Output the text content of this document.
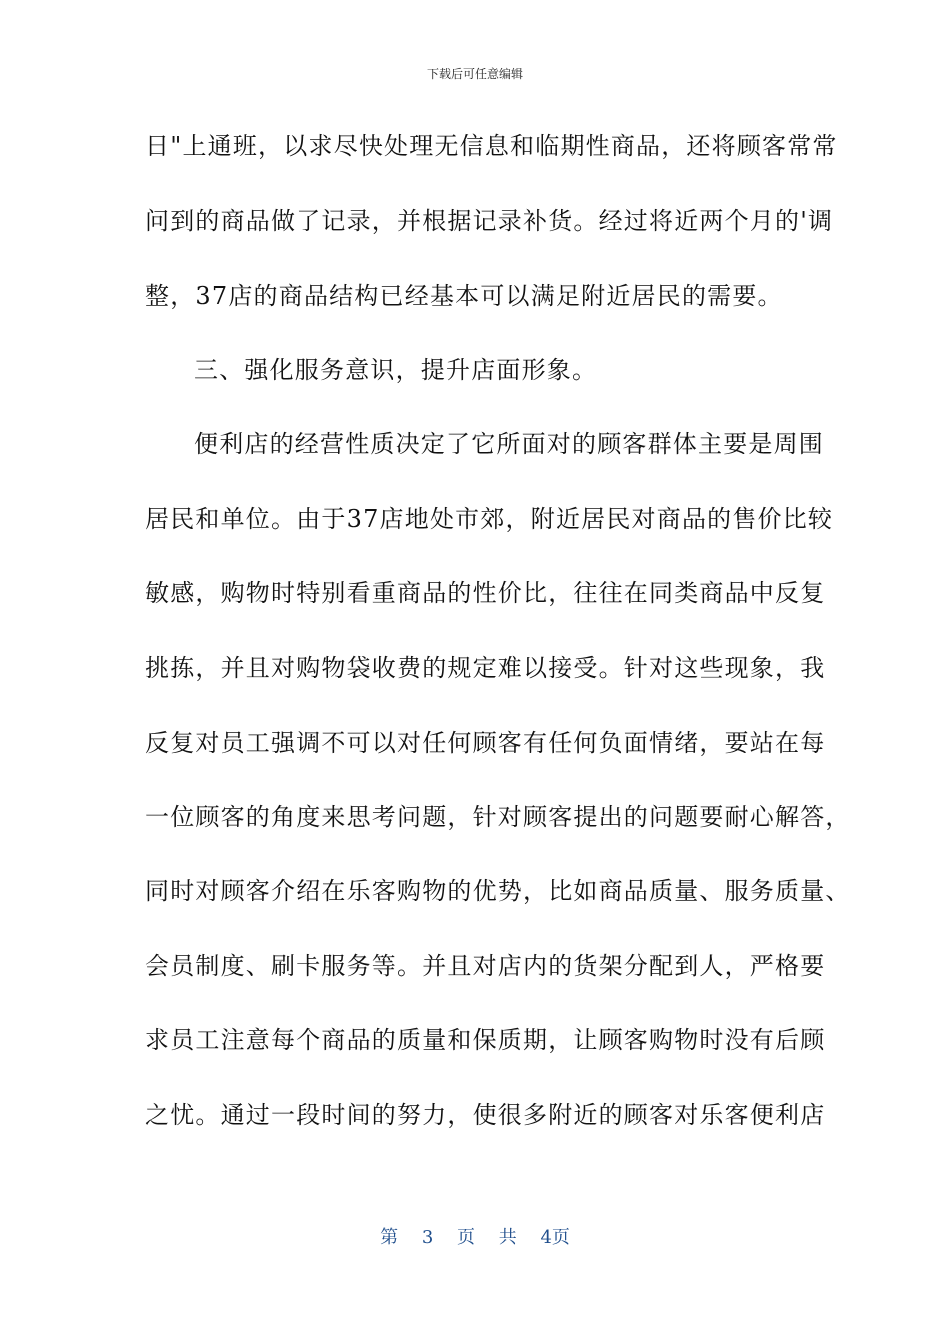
下载后可任意编辑
日"上通班，以求尽快处理无信息和临期性商品，还将顾客常常
问到的商品做了记录，并根据记录补货。经过将近两个月的'调
整，37店的商品结构已经基本可以满足附近居民的需要。
三、强化服务意识，提升店面形象。
便利店的经营性质决定了它所面对的顾客群体主要是周围
居民和单位。由于37店地处市郊，附近居民对商品的售价比较
敏感，购物时特别看重商品的性价比，往往在同类商品中反复
挑拣，并且对购物袋收费的规定难以接受。针对这些现象，我
反复对员工强调不可以对任何顾客有任何负面情绪，要站在每
一位顾客的角度来思考问题，针对顾客提出的问题要耐心解答，
同时对顾客介绍在乐客购物的优势，比如商品质量、服务质量、
会员制度、刷卡服务等。并且对店内的货架分配到人，严格要
求员工注意每个商品的质量和保质期，让顾客购物时没有后顾
之忧。通过一段时间的努力，使很多附近的顾客对乐客便利店
第 3 页 共 4页
